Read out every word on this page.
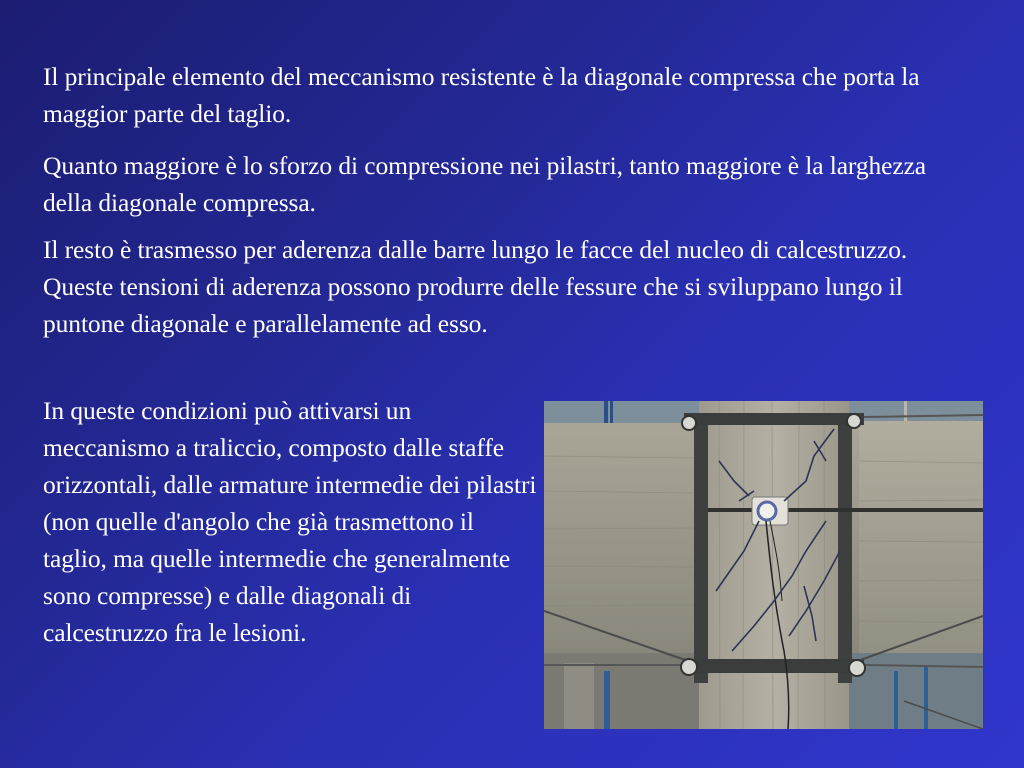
Il principale elemento del meccanismo resistente è la diagonale compressa che porta la maggior parte del taglio.

Quanto maggiore è lo sforzo di compressione nei pilastri, tanto maggiore è la larghezza della diagonale compressa.

Il resto è trasmesso per aderenza dalle barre lungo le facce del nucleo di calcestruzzo. Queste tensioni di aderenza possono produrre delle fessure che si sviluppano lungo il puntone diagonale e parallelamente ad esso.

In queste condizioni può attivarsi un meccanismo a traliccio, composto dalle staffe orizzontali, dalle armature intermedie dei pilastri (non quelle d'angolo che già trasmettono il taglio, ma quelle intermedie che generalmente sono compresse) e dalle diagonali di calcestruzzo fra le lesioni.
